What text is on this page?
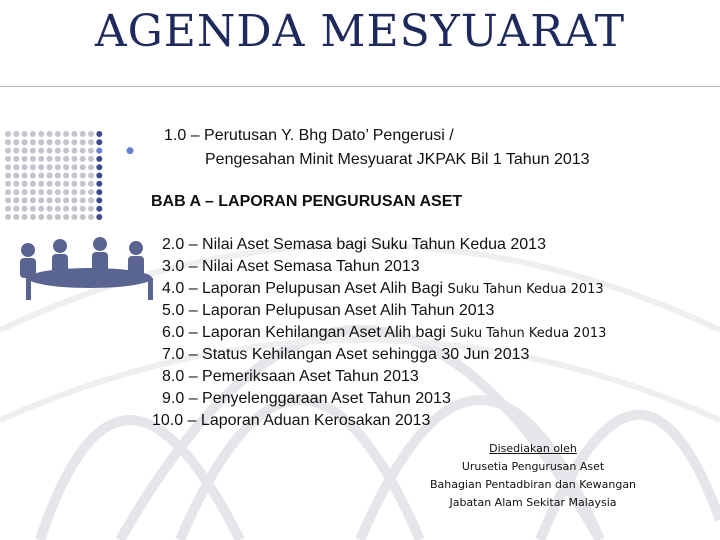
AGENDA MESYUARAT
1.0 – Perutusan Y. Bhg Dato’ Pengerusi /
Pengesahan Minit Mesyuarat JKPAK Bil 1 Tahun 2013
BAB A – LAPORAN PENGURUSAN ASET
2.0 – Nilai Aset Semasa bagi Suku Tahun Kedua 2013
3.0 – Nilai Aset Semasa Tahun 2013
4.0 – Laporan Pelupusan Aset Alih Bagi Suku Tahun Kedua 2013
5.0 – Laporan Pelupusan Aset Alih Tahun 2013
6.0 – Laporan Kehilangan Aset Alih bagi Suku Tahun Kedua 2013
7.0 – Status Kehilangan Aset sehingga 30 Jun 2013
8.0 – Pemeriksaan Aset Tahun 2013
9.0 – Penyelenggaraan Aset Tahun 2013
10.0 – Laporan Aduan Kerosakan 2013
Disediakan oleh
Urusetia Pengurusan Aset
Bahagian Pentadbiran dan Kewangan
Jabatan Alam Sekitar Malaysia
